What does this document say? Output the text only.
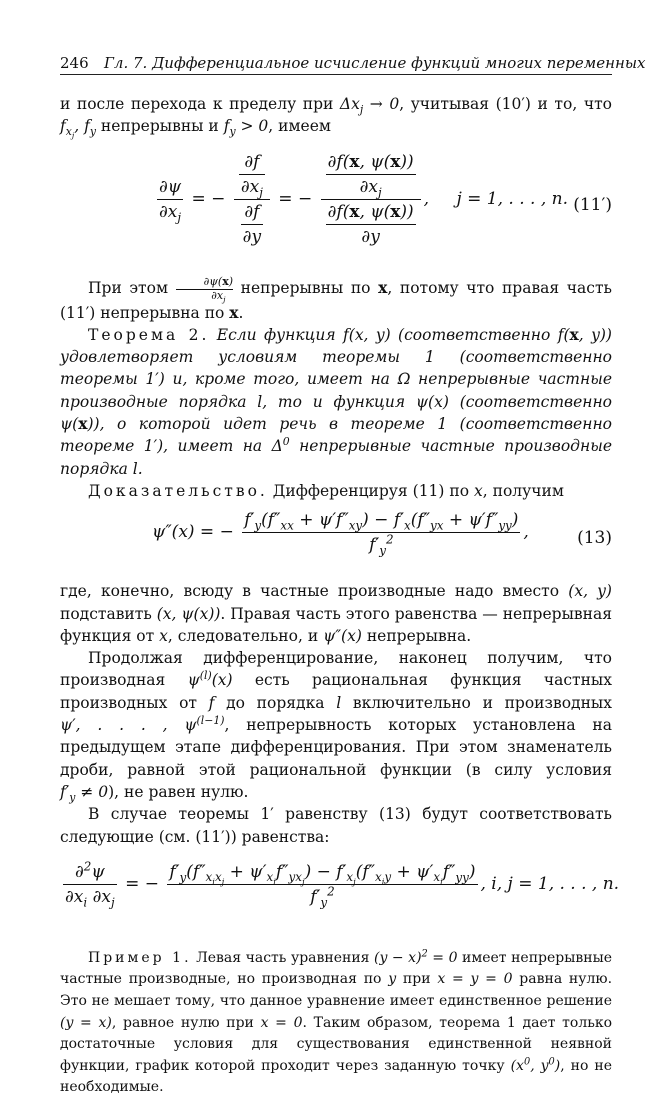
246 Гл. 7. Дифференциальное исчисление функций многих переменных

и после перехода к пределу при $\Delta x_j \to 0$, учитывая (10′) и то, что $f_{x_j}$, $f_y$ непрерывны и $f_y > 0$, имеем

$\frac{\partial\psi}{\partial x_j}$ = − $\frac{\frac{\partial f}{\partial x_j}}{\frac{\partial f}{\partial y}}$ = − $\frac{\frac{\partial f(x, \psi(x))}{\partial x_j}}{\frac{\partial f(x, \psi(x))}{\partial y}}$ , j = 1, . . . , n. (11′)

При этом $\frac{\partial\psi(x)}{\partial x_j}$ непрерывны по x, потому что правая часть (11′) непрерывна по x.

Теорема 2. Если функция f(x, y) (соответственно f(x, y)) удовлетворяет условиям теоремы 1 (соответственно теоремы 1′) и, кроме того, имеет на Ω непрерывные частные производные порядка l, то и функция ψ(x) (соответственно ψ(x)), о которой идет речь в теореме 1 (соответственно теореме 1′), имеет на $\Delta^0$ непрерывные частные производные порядка l.

Доказательство. Дифференцируя (11) по x, получим

ψ″(x) = − $\frac{f'_y(f''_{xx} + \psi'f''_{xy}) - f'_x(f''_{yx} + \psi'f''_{yy})}{f'_y^2}$ ,	(13)

где, конечно, всюду в частные производные надо вместо (x, y) подставить (x, ψ(x)). Правая часть этого равенства — непрерывная функция от x, следовательно, и ψ″(x) непрерывна.

Продолжая дифференцирование, наконец получим, что производная $\psi^{(l)}(x)$ есть рациональная функция частных производных от f до порядка l включительно и производных ψ′, . . . , $\psi^{(l-1)}$, непрерывность которых установлена на предыдущем этапе дифференцирования. При этом знаменатель дроби, равной этой рациональной функции (в силу условия $f'_y \ne 0$), не равен нулю.

В случае теоремы 1′ равенству (13) будут соответствовать следующие (см. (11′)) равенства:

$\frac{\partial^2\psi}{\partial x_i \partial x_j}$ = − $\frac{f'_y(f''_{x_ix_j} + \psi'_{x_i}f''_{yx_j}) - f'_{x_j}(f''_{x_iy} + \psi'_{x_i}f''_{yy})}{f'_y^2}$ , i, j = 1, . . . , n.

Пример 1. Левая часть уравнения $(y - x)^2 = 0$ имеет непрерывные частные производные, но производная по y при x = y = 0 равна нулю. Это не мешает тому, что данное уравнение имеет единственное решение (y = x), равное нулю при x = 0. Таким образом, теорема 1 дает только достаточные условия для существования единственной неявной функции, график которой проходит через заданную точку ($x^0$, $y^0$), но не необходимые.
